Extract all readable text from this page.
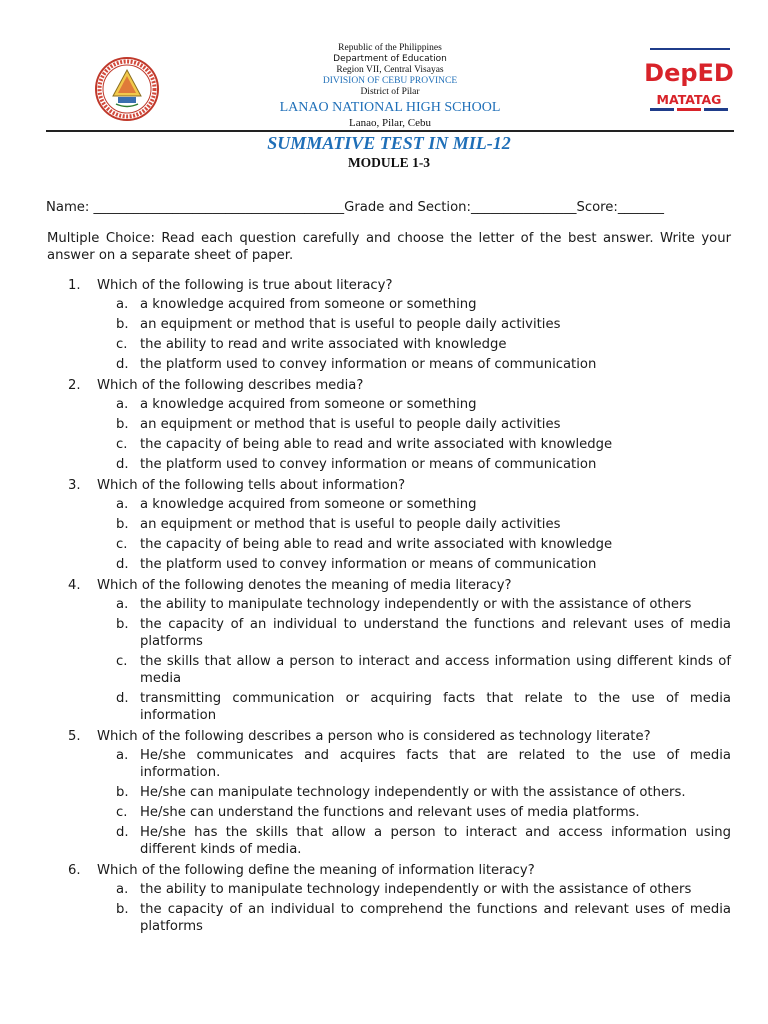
Republic of the Philippines
Department of Education
Region VII, Central Visayas
DIVISION OF CEBU PROVINCE
District of Pilar
LANAO NATIONAL HIGH SCHOOL
Lanao, Pilar, Cebu
DepED
MATATAG
SUMMATIVE TEST IN MIL-12
MODULE 1-3
Name: ______________________________________Grade and Section:________________Score:_______
Multiple Choice: Read each question carefully and choose the letter of the best answer. Write your answer on a separate sheet of paper.
1. Which of the following is true about literacy?
a. a knowledge acquired from someone or something
b. an equipment or method that is useful to people daily activities
c. the ability to read and write associated with knowledge
d. the platform used to convey information or means of communication
2. Which of the following describes media?
a. a knowledge acquired from someone or something
b. an equipment or method that is useful to people daily activities
c. the capacity of being able to read and write associated with knowledge
d. the platform used to convey information or means of communication
3. Which of the following tells about information?
a. a knowledge acquired from someone or something
b. an equipment or method that is useful to people daily activities
c. the capacity of being able to read and write associated with knowledge
d. the platform used to convey information or means of communication
4. Which of the following denotes the meaning of media literacy?
a. the ability to manipulate technology independently or with the assistance of others
b. the capacity of an individual to understand the functions and relevant uses of media platforms
c. the skills that allow a person to interact and access information using different kinds of media
d. transmitting communication or acquiring facts that relate to the use of media information
5. Which of the following describes a person who is considered as technology literate?
a. He/she communicates and acquires facts that are related to the use of media information.
b. He/she can manipulate technology independently or with the assistance of others.
c. He/she can understand the functions and relevant uses of media platforms.
d. He/she has the skills that allow a person to interact and access information using different kinds of media.
6. Which of the following define the meaning of information literacy?
a. the ability to manipulate technology independently or with the assistance of others
b. the capacity of an individual to comprehend the functions and relevant uses of media platforms
